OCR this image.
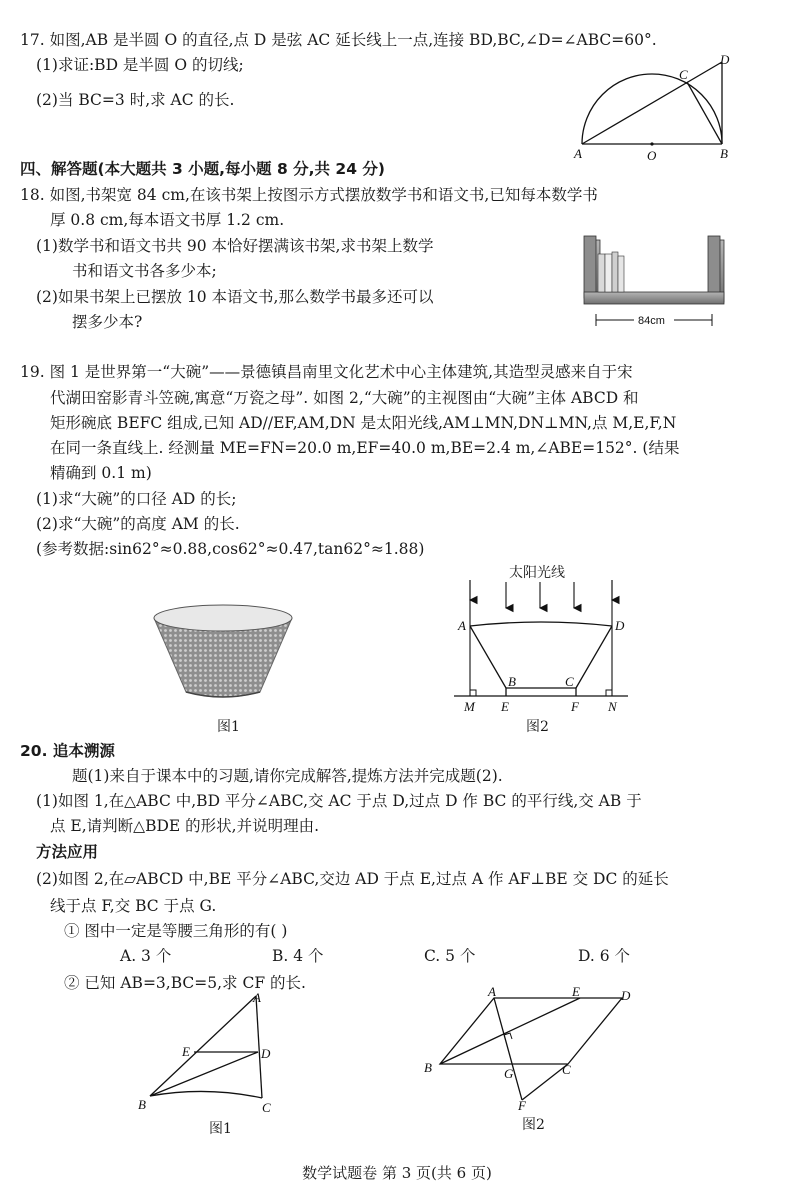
17. 如图,AB 是半圆 O 的直径,点 D 是弦 AC 延长线上一点,连接 BD,BC,∠D=∠ABC=60°.
(1)求证:BD 是半圆 O 的切线;
(2)当 BC=3 时,求 AC 的长.
A	O	B
C
D
四、解答题(本大题共 3 小题,每小题 8 分,共 24 分)
18. 如图,书架宽 84 cm,在该书架上按图示方式摆放数学书和语文书,已知每本数学书
厚 0.8 cm,每本语文书厚 1.2 cm.
(1)数学书和语文书共 90 本恰好摆满该书架,求书架上数学
书和语文书各多少本;
(2)如果书架上已摆放 10 本语文书,那么数学书最多还可以
摆多少本?	84cm
19. 图 1 是世界第一“大碗”——景德镇昌南里文化艺术中心主体建筑,其造型灵感来自于宋
代湖田窑影青斗笠碗,寓意“万瓷之母”. 如图 2,“大碗”的主视图由“大碗”主体 ABCD 和
矩形碗底 BEFC 组成,已知 AD//EF,AM,DN 是太阳光线,AM⊥MN,DN⊥MN,点 M,E,F,N
在同一条直线上. 经测量 ME=FN=20.0 m,EF=40.0 m,BE=2.4 m,∠ABE=152°. (结果
精确到 0.1 m)
(1)求“大碗”的口径 AD 的长;
(2)求“大碗”的高度 AM 的长.
(参考数据:sin62°≈0.88,cos62°≈0.47,tan62°≈1.88)
图1
太阳光线
A	D
B	C
M E	F N
图2
20. 追本溯源
题(1)来自于课本中的习题,请你完成解答,提炼方法并完成题(2).
(1)如图 1,在△ABC 中,BD 平分∠ABC,交 AC 于点 D,过点 D 作 BC 的平行线,交 AB 于
点 E,请判断△BDE 的形状,并说明理由.
方法应用
(2)如图 2,在▱ABCD 中,BE 平分∠ABC,交边 AD 于点 E,过点 A 作 AF⊥BE 交 DC 的延长
线于点 F,交 BC 于点 G.
① 图中一定是等腰三角形的有( )
A. 3 个	B. 4 个	C. 5 个	D. 6 个
② 已知 AB=3,BC=5,求 CF 的长.
A
E	D
B	C
图1
A	E	D
B	G	C
F
图2
数学试题卷 第 3 页(共 6 页)
